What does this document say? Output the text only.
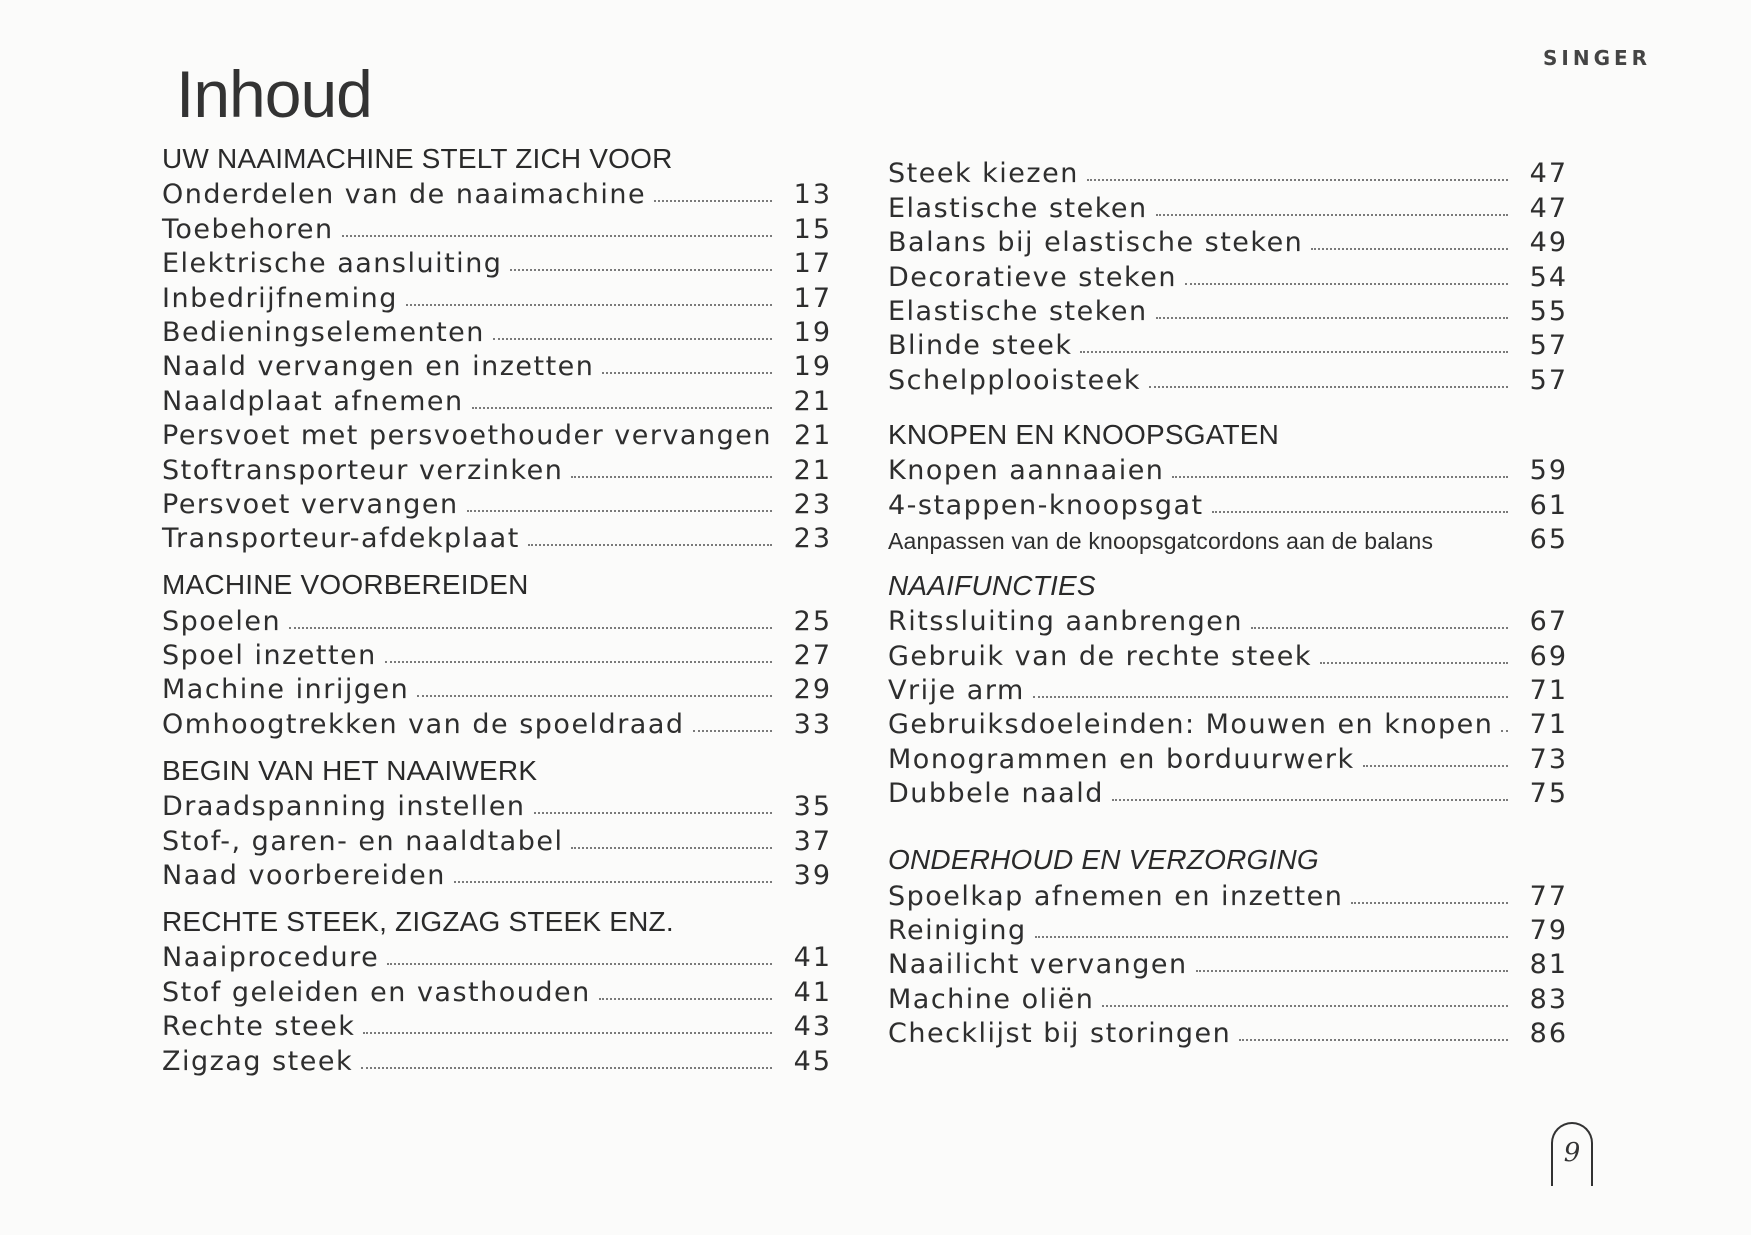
SINGER
Inhoud
UW NAAIMACHINE STELT ZICH VOOR
Onderdelen van de naaimachine	13
Toebehoren	15
Elektrische aansluiting	17
Inbedrijfneming	17
Bedieningselementen	19
Naald vervangen en inzetten	19
Naaldplaat afnemen	21
Persvoet met persvoethouder vervangen 21
Stoftransporteur verzinken	21
Persvoet vervangen	23
Transporteur-afdekplaat	23
MACHINE VOORBEREIDEN
Spoelen	25
Spoel inzetten	27
Machine inrijgen	29
Omhoogtrekken van de spoeldraad	33
BEGIN VAN HET NAAIWERK
Draadspanning instellen	35
Stof-, garen- en naaldtabel	37
Naad voorbereiden	39
RECHTE STEEK, ZIGZAG STEEK ENZ.
Naaiprocedure	41
Stof geleiden en vasthouden	41
Rechte steek	43
Zigzag steek	45
Steek kiezen	47
Elastische steken	47
Balans bij elastische steken	49
Decoratieve steken	54
Elastische steken	55
Blinde steek	57
Schelpplooisteek	57
KNOPEN EN KNOOPSGATEN
Knopen aannaaien	59
4-stappen-knoopsgat	61
Aanpassen van de knoopsgatcordons aan de balans	65
NAAIFUNCTIES
Ritssluiting aanbrengen	67
Gebruik van de rechte steek	69
Vrije arm	71
Gebruiksdoeleinden: Mouwen en knopen 71
Monogrammen en borduurwerk	73
Dubbele naald	75
ONDERHOUD EN VERZORGING
Spoelkap afnemen en inzetten	77
Reiniging	79
Naailicht vervangen	81
Machine oliën	83
Checklijst bij storingen	86
9
